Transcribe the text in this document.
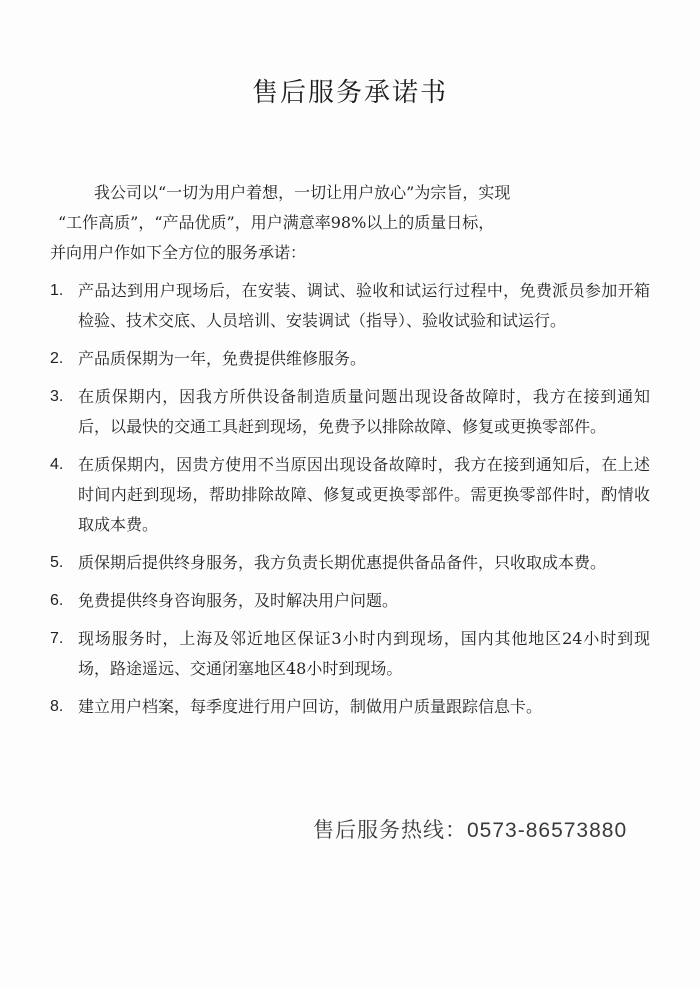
售后服务承诺书
我公司以“一切为用户着想，一切让用户放心”为宗旨，实现
“工作高质”，“产品优质”，用户满意率98%以上的质量日标，
并向用户作如下全方位的服务承诺：
1. 产品达到用户现场后，在安装、调试、验收和试运行过程中，免费派员参加开箱检验、技术交底、人员培训、安装调试（指导）、验收试验和试运行。
2. 产品质保期为一年，免费提供维修服务。
3. 在质保期内，因我方所供设备制造质量问题出现设备故障时，我方在接到通知后，以最快的交通工具赶到现场，免费予以排除故障、修复或更换零部件。
4. 在质保期内，因贵方使用不当原因出现设备故障时，我方在接到通知后，在上述时间内赶到现场，帮助排除故障、修复或更换零部件。需更换零部件时，酌情收取成本费。
5. 质保期后提供终身服务，我方负责长期优惠提供备品备件，只收取成本费。
6. 免费提供终身咨询服务，及时解决用户问题。
7. 现场服务时，上海及邻近地区保证3小时内到现场，国内其他地区24小时到现场，路途遥远、交通闭塞地区48小时到现场。
8. 建立用户档案，每季度进行用户回访，制做用户质量跟踪信息卡。
售后服务热线：0573-86573880
